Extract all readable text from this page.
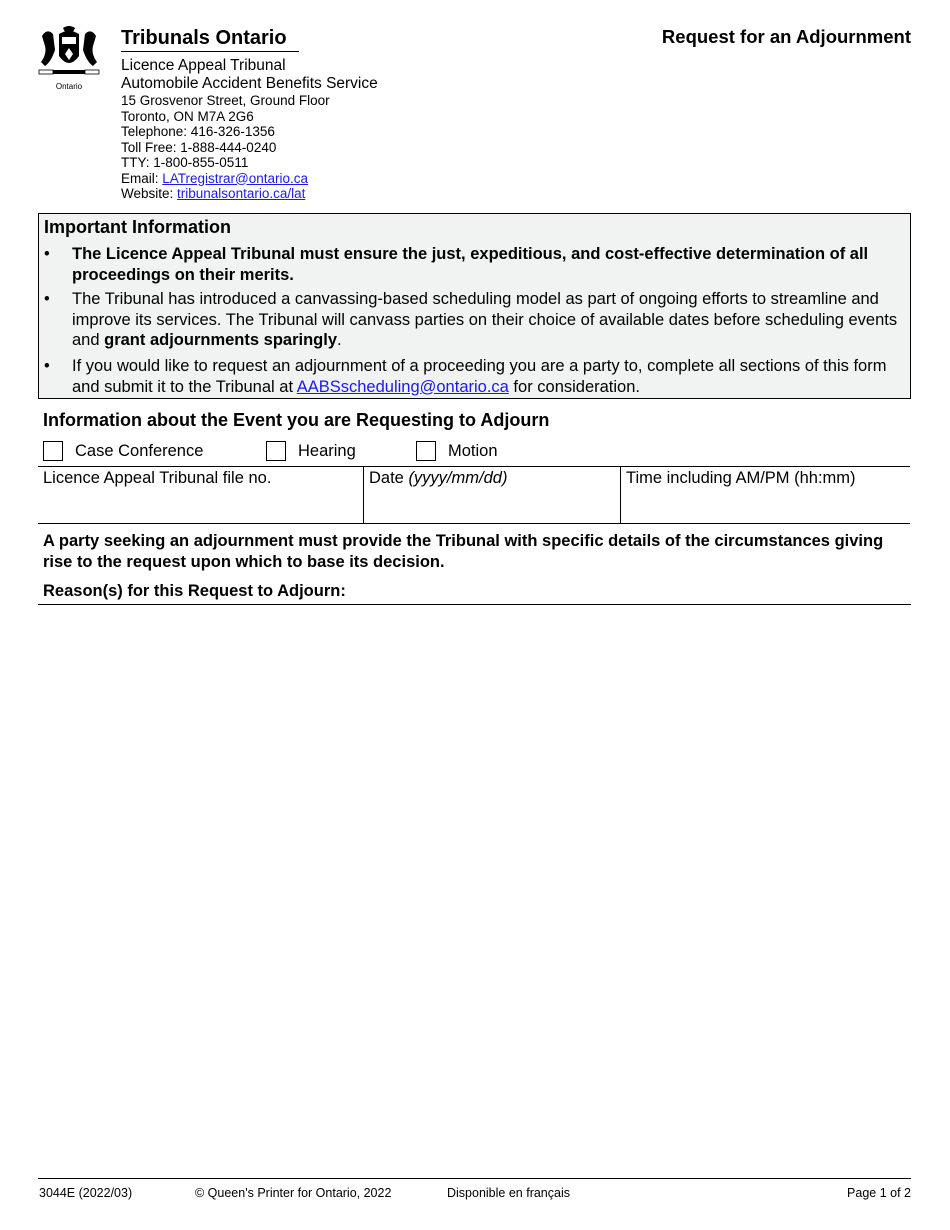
Ontario
Tribunals Ontario
Licence Appeal Tribunal
Automobile Accident Benefits Service
15 Grosvenor Street, Ground Floor
Toronto, ON M7A 2G6
Telephone: 416-326-1356
Toll Free: 1-888-444-0240
TTY: 1-800-855-0511
Email: LATregistrar@ontario.ca
Website: tribunalsontario.ca/lat
Request for an Adjournment
Important Information
• The Licence Appeal Tribunal must ensure the just, expeditious, and cost-effective determination of all proceedings on their merits.
• The Tribunal has introduced a canvassing-based scheduling model as part of ongoing efforts to streamline and improve its services. The Tribunal will canvass parties on their choice of available dates before scheduling events and grant adjournments sparingly.
• If you would like to request an adjournment of a proceeding you are a party to, complete all sections of this form and submit it to the Tribunal at AABSscheduling@ontario.ca for consideration.
Information about the Event you are Requesting to Adjourn
Case Conference	Hearing	Motion
Licence Appeal Tribunal file no.	Date (yyyy/mm/dd)	Time including AM/PM (hh:mm)
A party seeking an adjournment must provide the Tribunal with specific details of the circumstances giving rise to the request upon which to base its decision.
Reason(s) for this Request to Adjourn:
3044E (2022/03)	© Queen's Printer for Ontario, 2022	Disponible en français	Page 1 of 2
